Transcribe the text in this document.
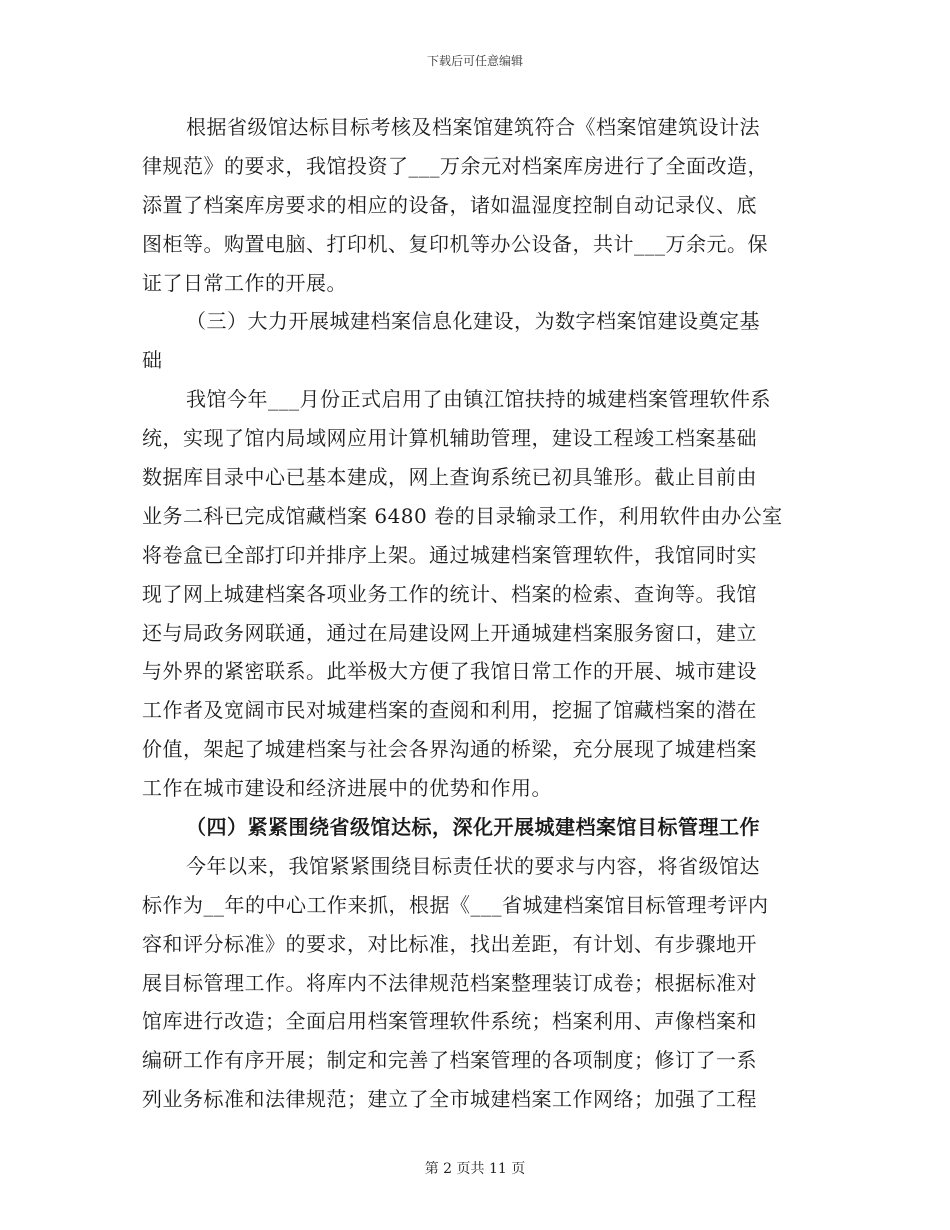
下载后可任意编辑
根据省级馆达标目标考核及档案馆建筑符合《档案馆建筑设计法
律规范》的要求，我馆投资了___万余元对档案库房进行了全面改造，
添置了档案库房要求的相应的设备，诸如温湿度控制自动记录仪、底
图柜等。购置电脑、打印机、复印机等办公设备，共计___万余元。保
证了日常工作的开展。
（三）大力开展城建档案信息化建设，为数字档案馆建设奠定基
础
我馆今年___月份正式启用了由镇江馆扶持的城建档案管理软件系
统，实现了馆内局域网应用计算机辅助管理，建设工程竣工档案基础
数据库目录中心已基本建成，网上查询系统已初具雏形。截止目前由
业务二科已完成馆藏档案 6480 卷的目录输录工作，利用软件由办公室
将卷盒已全部打印并排序上架。通过城建档案管理软件，我馆同时实
现了网上城建档案各项业务工作的统计、档案的检索、查询等。我馆
还与局政务网联通，通过在局建设网上开通城建档案服务窗口，建立
与外界的紧密联系。此举极大方便了我馆日常工作的开展、城市建设
工作者及宽阔市民对城建档案的查阅和利用，挖掘了馆藏档案的潜在
价值，架起了城建档案与社会各界沟通的桥梁，充分展现了城建档案
工作在城市建设和经济进展中的优势和作用。
（四）紧紧围绕省级馆达标，深化开展城建档案馆目标管理工作
今年以来，我馆紧紧围绕目标责任状的要求与内容，将省级馆达
标作为__年的中心工作来抓，根据《___省城建档案馆目标管理考评内
容和评分标准》的要求，对比标准，找出差距，有计划、有步骤地开
展目标管理工作。将库内不法律规范档案整理装订成卷；根据标准对
馆库进行改造；全面启用档案管理软件系统；档案利用、声像档案和
编研工作有序开展；制定和完善了档案管理的各项制度；修订了一系
列业务标准和法律规范；建立了全市城建档案工作网络；加强了工程
第 2 页共 11 页
